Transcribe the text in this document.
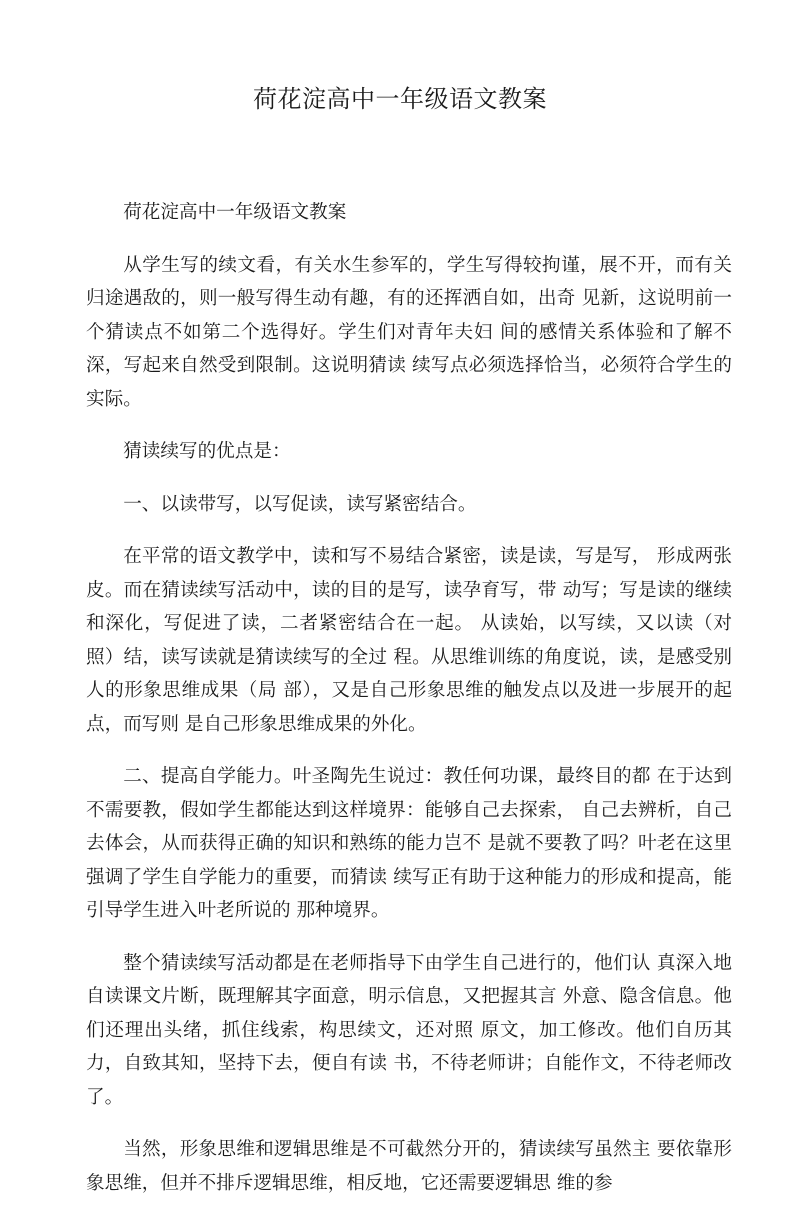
荷花淀高中一年级语文教案

荷花淀高中一年级语文教案

从学生写的续文看，有关水生参军的，学生写得较拘谨，展不开，而有关归途遇敌的，则一般写得生动有趣，有的还挥洒自如，出奇 见新，这说明前一个猜读点不如第二个选得好。学生们对青年夫妇 间的感情关系体验和了解不深，写起来自然受到限制。这说明猜读 续写点必须选择恰当，必须符合学生的实际。

猜读续写的优点是：

一、以读带写，以写促读，读写紧密结合。

在平常的语文教学中，读和写不易结合紧密，读是读，写是写， 形成两张皮。而在猜读续写活动中，读的目的是写，读孕育写，带 动写；写是读的继续和深化，写促进了读，二者紧密结合在一起。 从读始，以写续，又以读（对照）结，读写读就是猜读续写的全过 程。从思维训练的角度说，读，是感受别人的形象思维成果（局 部），又是自己形象思维的触发点以及进一步展开的起点，而写则 是自己形象思维成果的外化。

二、提高自学能力。叶圣陶先生说过：教任何功课，最终目的都 在于达到不需要教，假如学生都能达到这样境界：能够自己去探索， 自己去辨析，自己去体会，从而获得正确的知识和熟练的能力岂不 是就不要教了吗？叶老在这里强调了学生自学能力的重要，而猜读 续写正有助于这种能力的形成和提高，能引导学生进入叶老所说的 那种境界。

整个猜读续写活动都是在老师指导下由学生自己进行的，他们认 真深入地自读课文片断，既理解其字面意，明示信息，又把握其言 外意、隐含信息。他们还理出头绪，抓住线索，构思续文，还对照 原文，加工修改。他们自历其力，自致其知，坚持下去，便自有读 书，不待老师讲；自能作文，不待老师改了。

当然，形象思维和逻辑思维是不可截然分开的，猜读续写虽然主 要依靠形象思维，但并不排斥逻辑思维，相反地，它还需要逻辑思 维的参
